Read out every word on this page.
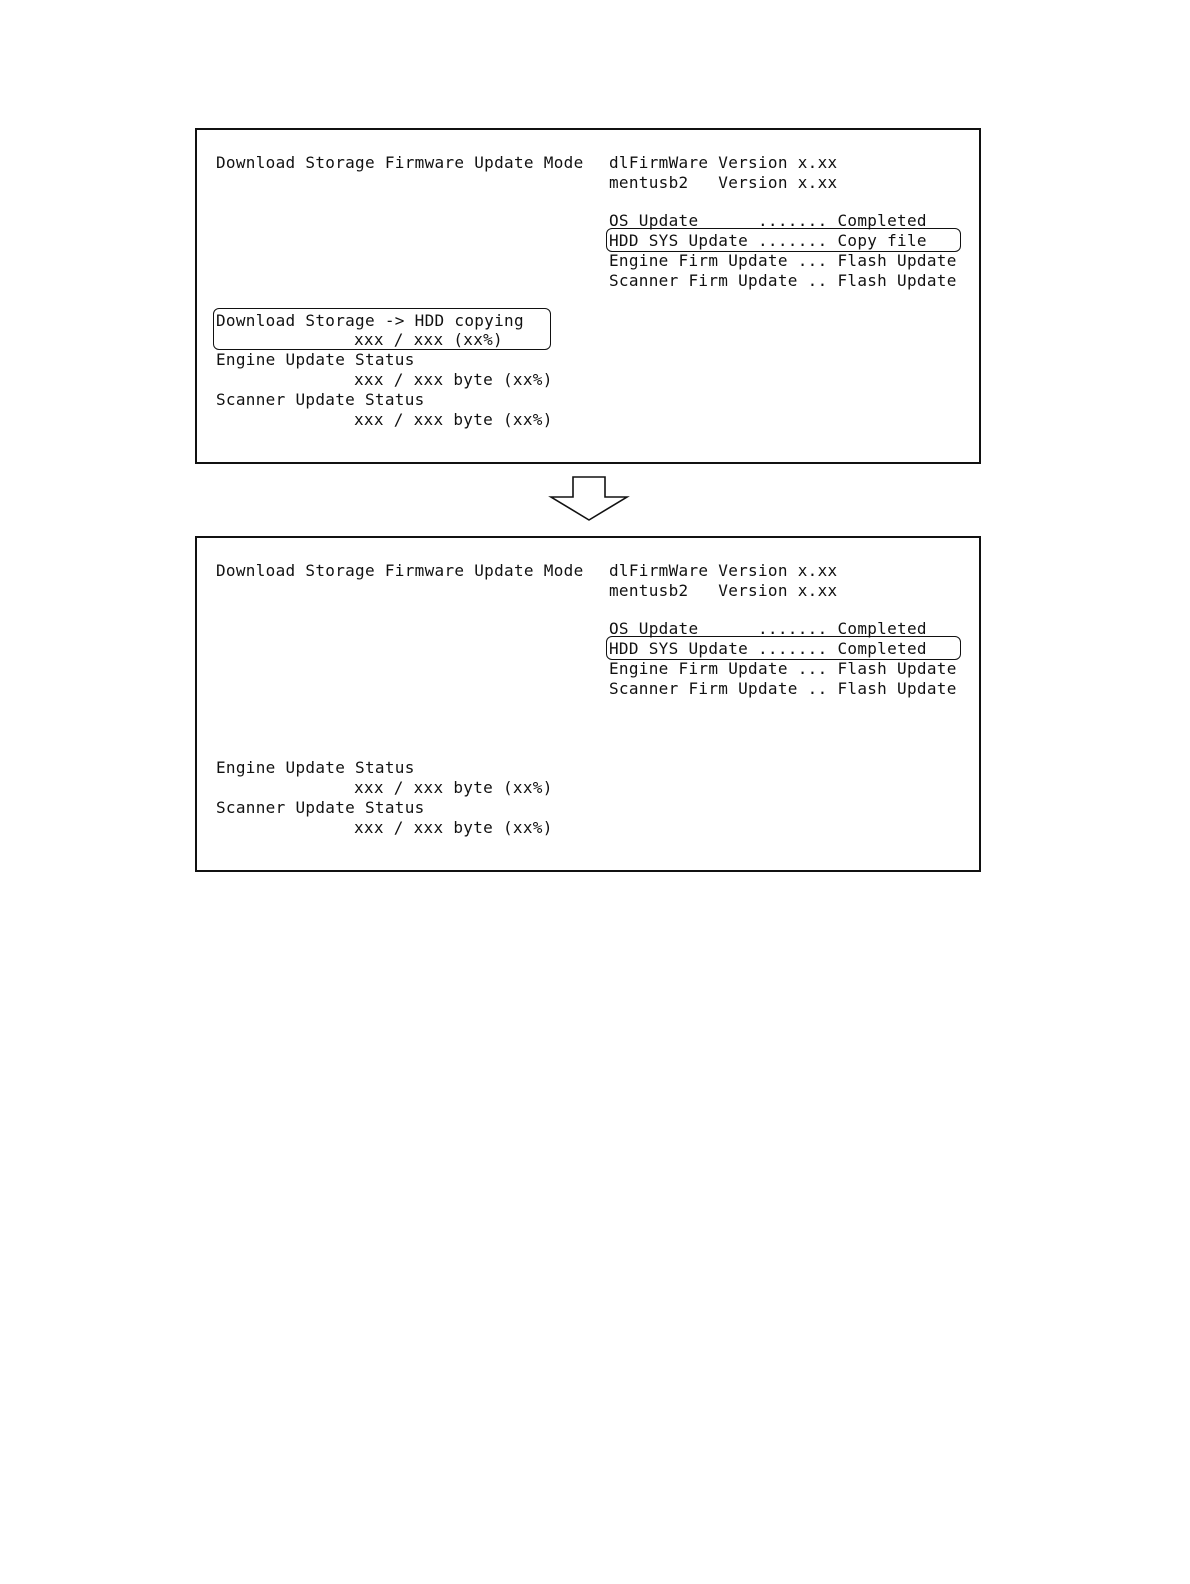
Download Storage Firmware Update Mode dlFirmWare Version x.xx
mentusb2   Version x.xx
OS Update      ....... Completed
HDD SYS Update ....... Copy file
Engine Firm Update ... Flash Update
Scanner Firm Update .. Flash Update
Download Storage -> HDD copying
xxx / xxx (xx%)
Engine Update Status
xxx / xxx byte (xx%)
Scanner Update Status
xxx / xxx byte (xx%)
Download Storage Firmware Update Mode dlFirmWare Version x.xx
mentusb2   Version x.xx
OS Update      ....... Completed
HDD SYS Update ....... Completed
Engine Firm Update ... Flash Update
Scanner Firm Update .. Flash Update
Engine Update Status
xxx / xxx byte (xx%)
Scanner Update Status
xxx / xxx byte (xx%)
